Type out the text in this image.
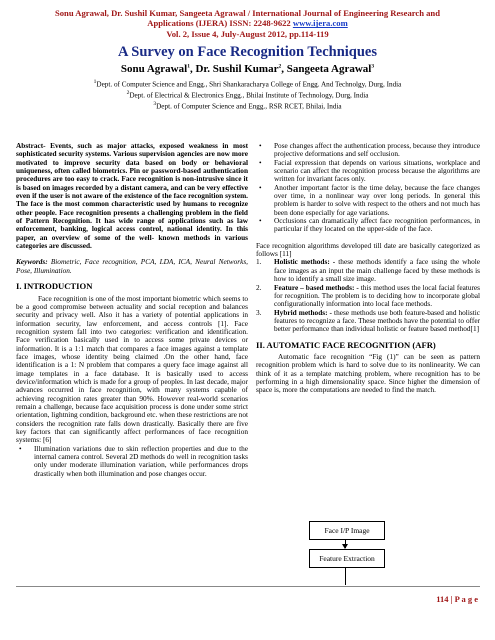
Sonu Agrawal, Dr. Sushil Kumar, Sangeeta Agrawal / International Journal of Engineering Research and
Applications (IJERA) ISSN: 2248-9622 www.ijera.com
Vol. 2, Issue 4, July-August 2012, pp.114-119
A Survey on Face Recognition Techniques
Sonu Agrawal$^1$, Dr. Sushil Kumar$^2$, Sangeeta Agrawal$^3$
$^1$Dept. of Computer Science and Engg., Shri Shankaracharya College of Engg. And Technolgy, Durg, India
$^2$Dept. of Electrical & Electronics Engg., Bhilai Institute of Technology, Durg, India
$^3$Dept. of Computer Science and Engg., RSR RCET, Bhilai, India

Abstract- Events, such as major attacks, exposed weakness in most sophisticated security systems. Various supervision agencies are now more motivated to improve security data based on body or behavioral uniqueness, often called biometrics. Pin or password-based authentication procedures are too easy to crack. Face recognition is non-intrusive since it is based on images recorded by a distant camera, and can be very effective even if the user is not aware of the existence of the face recognition system. The face is the most common characteristic used by humans to recognize other people. Face recognition presents a challenging problem in the field of Pattern Recognition. It has wide range of applications such as law enforcement, banking, logical access control, national identity. In this paper, an overview of some of the well- known methods in various categories are discussed.

Keywords: Biometric, Face recognition, PCA, LDA, ICA, Neural Networks, Pose, Illumination.

I. INTRODUCTION

Face recognition is one of the most important biometric which seems to be a good compromise between actuality and social reception and balances security and privacy well. Also it has a variety of potential applications in information security, law enforcement, and access controls [1]. Face recognition system fall into two categories: verification and identification. Face verification basically used in to access some private devices or information. It is a 1:1 match that compares a face images against a template face images, whose identity being claimed .On the other hand, face identification is a 1: N problem that compares a query face image against all image templates in a face database. It is basically used to access device/information which is made for a group of peoples. In last decade, major advances occurred in face recognition, with many systems capable of achieving recognition rates greater than 90%. However real-world scenarios remain a challenge, because face acquisition process is done under some strict orientation, lightning condition, background etc. when these restrictions are not considers the recognition rate falls down drastically. Basically there are five key factors that can significantly affect performances of face recognition systems: [6]

• Illumination variations due to skin reflection properties and due to the internal camera control. Several 2D methods do well in recognition tasks only under moderate illumination variation, while performances drops drastically when both illumination and pose changes occur.
• Pose changes affect the authentication process, because they introduce projective deformations and self occlusion.
• Facial expression that depends on various situations, workplace and scenario can affect the recognition process because the algorithms are written for invariant faces only.
• Another important factor is the time delay, because the face changes over time, in a nonlinear way over long periods. In general this problem is harder to solve with respect to the others and not much has been done especially for age variations.
• Occlusions can dramatically affect face recognition performances, in particular if they located on the upper-side of the face.

Face recognition algorithms developed till date are basically categorized as follows [11]

1. Holistic methods: - these methods identify a face using the whole face images as an input the main challenge faced by these methods is how to identify a small size image.
2. Feature – based methods: - this method uses the local facial features for recognition. The problem is to deciding how to incorporate global configurationally information into local face methods.
3. Hybrid methods: - these methods use both feature-based and holistic features to recognize a face. These methods have the potential to offer better performance than individual holistic or feature based method[1]
II. AUTOMATIC FACE RECOGNITION (AFR)

Automatic face recognition “Fig (1)” can be seen as pattern recognition problem which is hard to solve due to its nonlinearity. We can think of it as a template matching problem, where recognition has to be performing in a high dimensionality space. Since higher the dimension of space is, more the computations are needed to find the match.

Face I/P Image
Feature Extraction
114 | P a g e
